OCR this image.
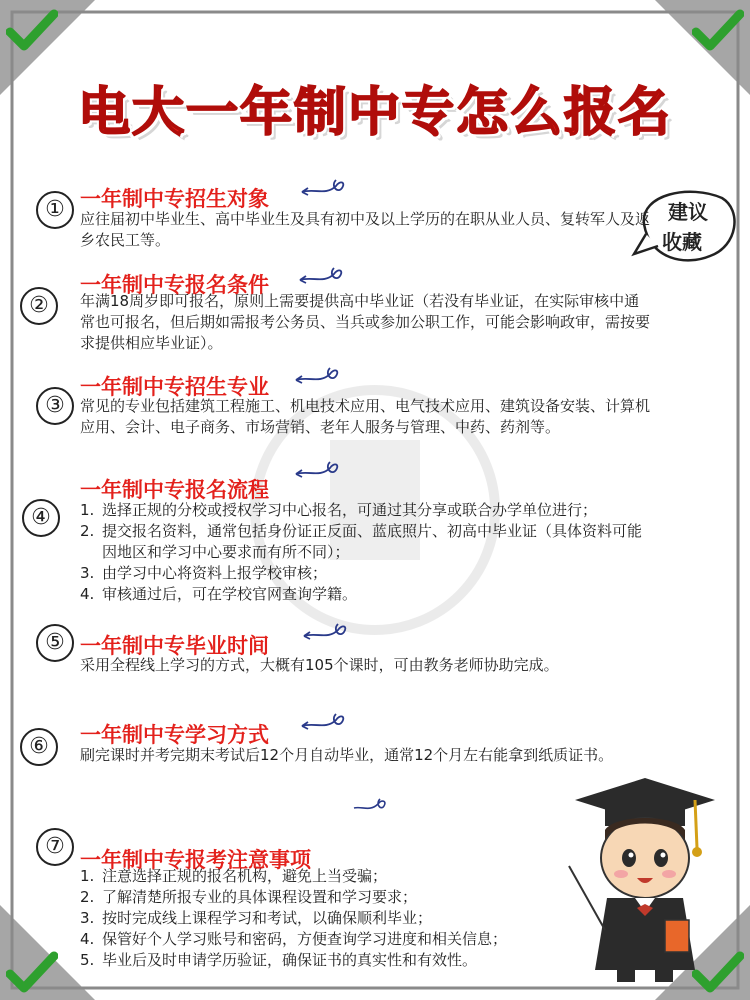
电大一年制中专怎么报名
建议
收藏
① 一年制中专招生对象

应往届初中毕业生、高中毕业生及具有初中及以上学历的在职从业人员、复转军人及返乡农民工等。

②
一年制中专报名条件

年满18周岁即可报名，原则上需要提供高中毕业证（若没有毕业证，在实际审核中通常也可报名，但后期如需报考公务员、当兵或参加公职工作，可能会影响政审，需按要求提供相应毕业证）。

③
一年制中专招生专业

常见的专业包括建筑工程施工、机电技术应用、电气技术应用、建筑设备安装、计算机应用、会计、电子商务、市场营销、老年人服务与管理、中药、药剂等。

④
一年制中专报名流程
1. 选择正规的分校或授权学习中心报名，可通过其分享或联合办学单位进行；
2. 提交报名资料，通常包括身份证正反面、蓝底照片、初高中毕业证（具体资料可能因地区和学习中心要求而有所不同）；
3. 由学习中心将资料上报学校审核；
4. 审核通过后，可在学校官网查询学籍。
⑤ 一年制中专毕业时间

采用全程线上学习的方式，大概有105个课时，可由教务老师协助完成。

⑥	一年制中专学习方式

刷完课时并考完期末考试后12个月自动毕业，通常12个月左右能拿到纸质证书。

⑦
一年制中专报考注意事项
1. 注意选择正规的报名机构，避免上当受骗；
2. 了解清楚所报专业的具体课程设置和学习要求；
3. 按时完成线上课程学习和考试，以确保顺利毕业；
4. 保管好个人学习账号和密码，方便查询学习进度和相关信息；
5. 毕业后及时申请学历验证，确保证书的真实性和有效性。
